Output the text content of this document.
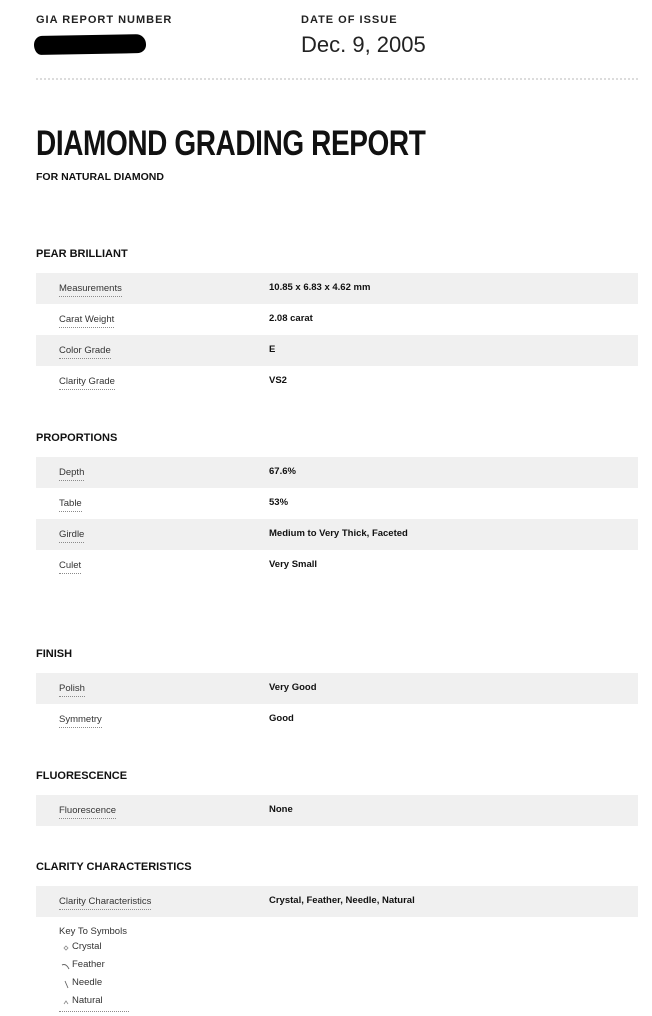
GIA REPORT NUMBER	DATE OF ISSUE
Dec. 9, 2005
DIAMOND GRADING REPORT
FOR NATURAL DIAMOND
PEAR BRILLIANT
Measurements	10.85 x 6.83 x 4.62 mm
Carat Weight	2.08 carat
Color Grade	E
Clarity Grade	VS2
PROPORTIONS
Depth	67.6%
Table	53%
Girdle	Medium to Very Thick, Faceted
Culet	Very Small
FINISH
Polish	Very Good
Symmetry	Good
FLUORESCENCE
Fluorescence	None
CLARITY CHARACTERISTICS
Clarity Characteristics	Crystal, Feather, Needle, Natural
Key To Symbols
Crystal
Feather
Needle
Natural
